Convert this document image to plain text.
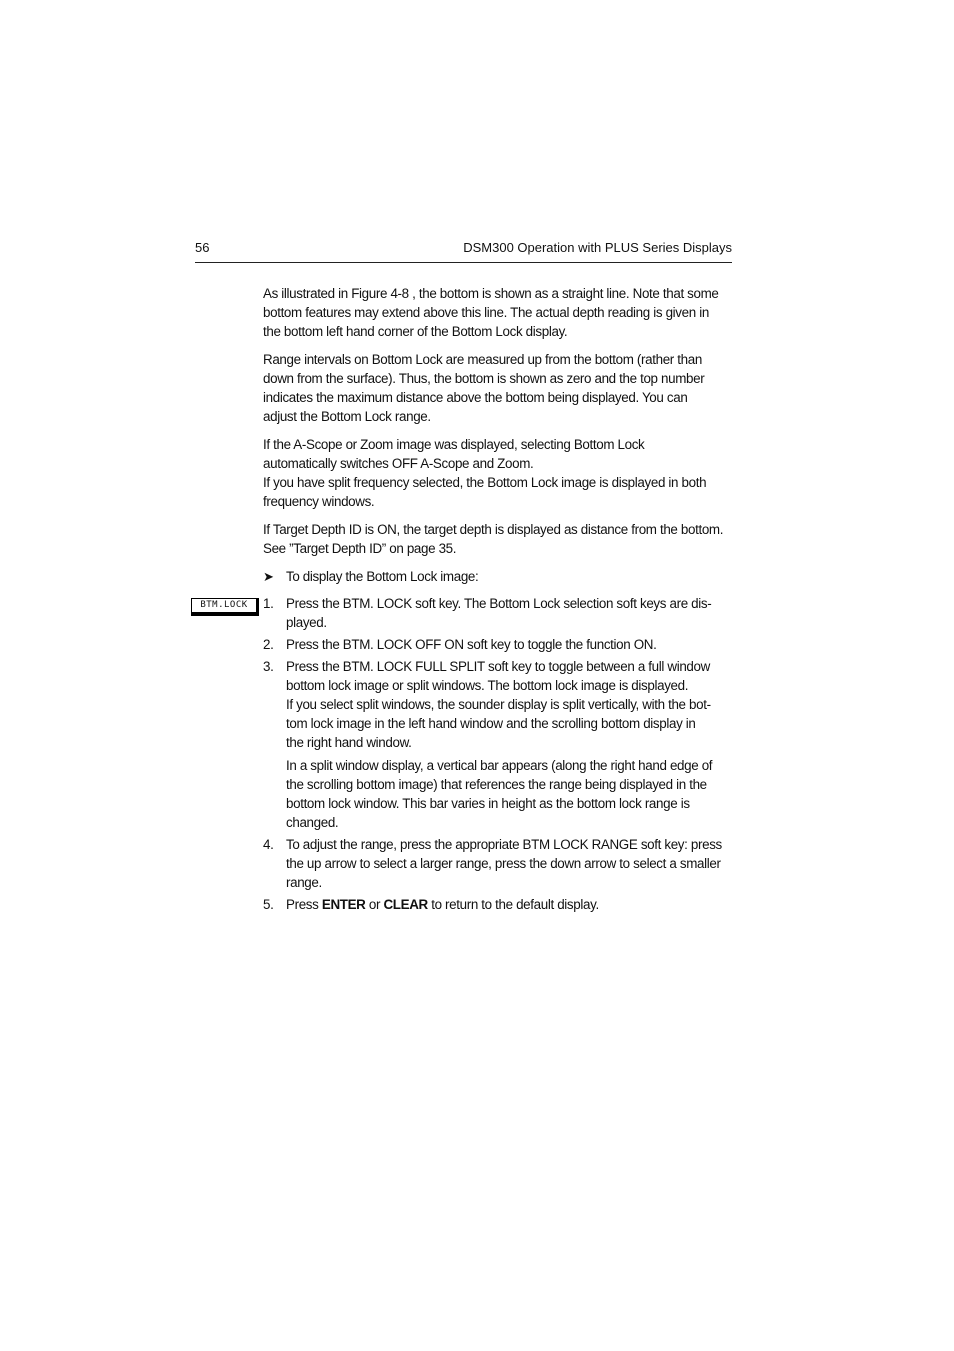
56	DSM300 Operation with PLUS Series Displays
BTM.LOCK

As illustrated in Figure 4-8 , the bottom is shown as a straight line. Note that some
bottom features may extend above this line. The actual depth reading is given in
the bottom left hand corner of the Bottom Lock display.

Range intervals on Bottom Lock are measured up from the bottom (rather than
down from the surface). Thus, the bottom is shown as zero and the top number
indicates the maximum distance above the bottom being displayed. You can
adjust the Bottom Lock range.

If the A-Scope or Zoom image was displayed, selecting Bottom Lock
automatically switches OFF A-Scope and Zoom.
If you have split frequency selected, the Bottom Lock image is displayed in both
frequency windows.

If Target Depth ID is ON, the target depth is displayed as distance from the bottom.
See ”Target Depth ID” on page 35.

➤ To display the Bottom Lock image:
1. Press the BTM. LOCK soft key. The Bottom Lock selection soft keys are dis-
played.
2. Press the BTM. LOCK OFF ON soft key to toggle the function ON.
3. Press the BTM. LOCK FULL SPLIT soft key to toggle between a full window
bottom lock image or split windows. The bottom lock image is displayed.
If you select split windows, the sounder display is split vertically, with the bot-
tom lock image in the left hand window and the scrolling bottom display in
the right hand window.
In a split window display, a vertical bar appears (along the right hand edge of
the scrolling bottom image) that references the range being displayed in the
bottom lock window. This bar varies in height as the bottom lock range is
changed.
4. To adjust the range, press the appropriate BTM LOCK RANGE soft key: press
the up arrow to select a larger range, press the down arrow to select a smaller
range.
5. Press ENTER or CLEAR to return to the default display.
